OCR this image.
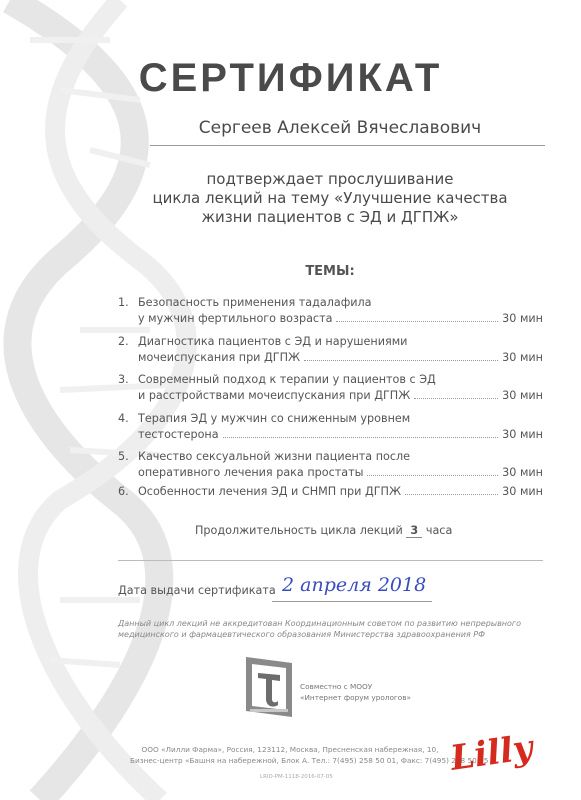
СЕРТИФИКАТ
Сергеев Алексей Вячеславович
подтверждает прослушивание
цикла лекций на тему «Улучшение качества
жизни пациентов с ЭД и ДГПЖ»
ТЕМЫ:
1. Безопасность применения тадалафила
у мужчин фертильного возраста	30 мин
2. Диагностика пациентов с ЭД и нарушениями
мочеиспускания при ДГПЖ	30 мин
3. Современный подход к терапии у пациентов с ЭД
и расстройствами мочеиспускания при ДГПЖ	30 мин
4. Терапия ЭД у мужчин со сниженным уровнем
тестостерона	30 мин
5. Качество сексуальной жизни пациента после
оперативного лечения рака простаты	30 мин
6. Особенности лечения ЭД и СНМП при ДГПЖ	30 мин
Продолжительность цикла лекций 3 часа
Дата выдачи сертификата 2 апреля 2018
Данный цикл лекций не аккредитован Координационным советом по развитию непрерывного медицинского и фармацевтического образования Министерства здравоохранения РФ
Совместно с МООУ
«Интернет форум урологов»
ООО «Лилли Фарма», Россия, 123112, Москва, Пресненская набережная, 10,
Бизнес-центр «Башня на набережной, Блок А. Тел.: 7(495) 258 50 01, Факс: 7(495) 258 50 05
Lilly
LRID-PM-1118-2016-07-05
